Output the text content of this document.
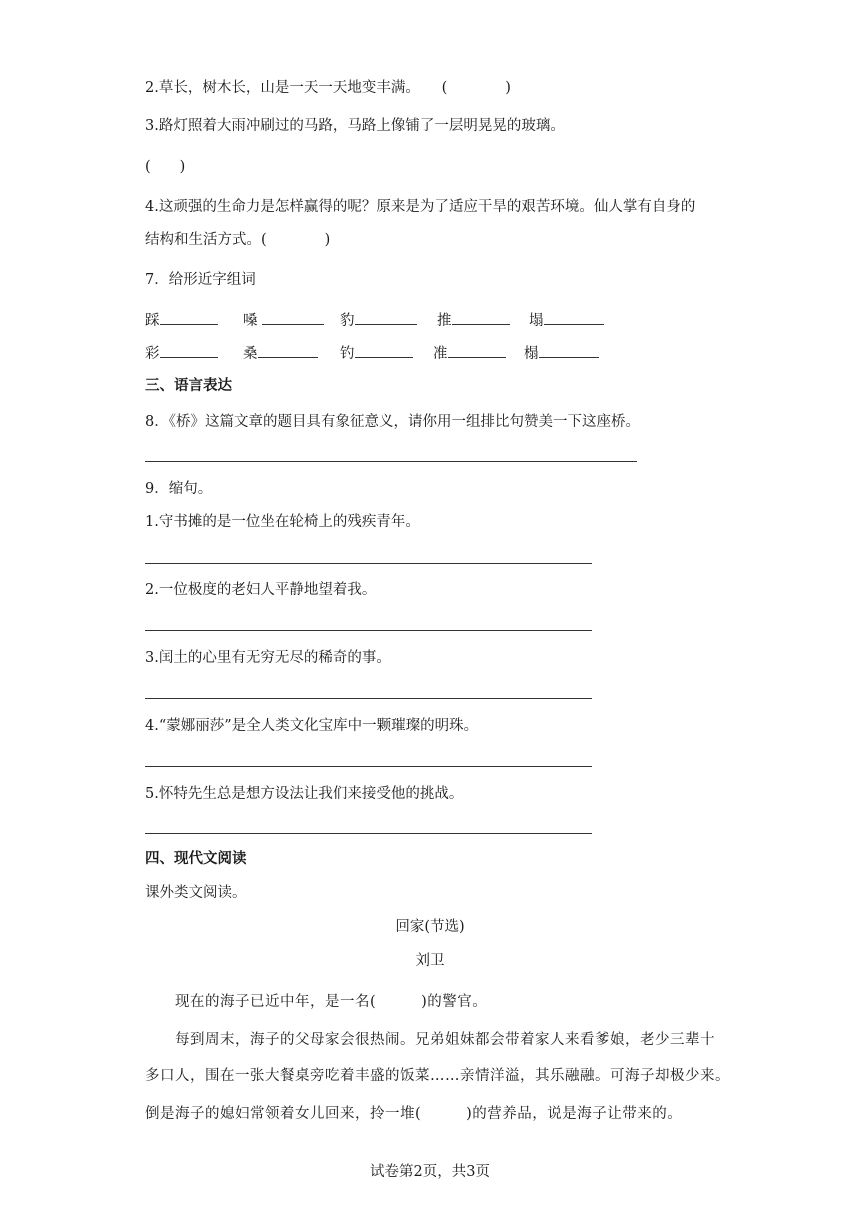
2.草长，树木长，山是一天一天地变丰满。　　(　　　　)
3.路灯照着大雨冲刷过的马路，马路上像铺了一层明晃晃的玻璃。
(　　)
4.这顽强的生命力是怎样赢得的呢？原来是为了适应干旱的艰苦环境。仙人掌有自身的
结构和生活方式。(　　　　)
7．给形近字组词
踩	嗓	豹	推	塌
彩	桑	钓	准	榻
三、语言表达
8．《桥》这篇文章的题目具有象征意义，请你用一组排比句赞美一下这座桥。
9．缩句。
1.守书摊的是一位坐在轮椅上的残疾青年。
2.一位极度的老妇人平静地望着我。
3.闰土的心里有无穷无尽的稀奇的事。
4.“蒙娜丽莎”是全人类文化宝库中一颗璀璨的明珠。
5.怀特先生总是想方设法让我们来接受他的挑战。
四、现代文阅读
课外类文阅读。
回家(节选)
刘卫
　　现在的海子已近中年，是一名(　　　)的警官。
　　每到周末，海子的父母家会很热闹。兄弟姐妹都会带着家人来看爹娘，老少三辈十
多口人，围在一张大餐桌旁吃着丰盛的饭菜……亲情洋溢，其乐融融。可海子却极少来。
倒是海子的媳妇常领着女儿回来，拎一堆(　　　)的营养品，说是海子让带来的。
试卷第2页，共3页
